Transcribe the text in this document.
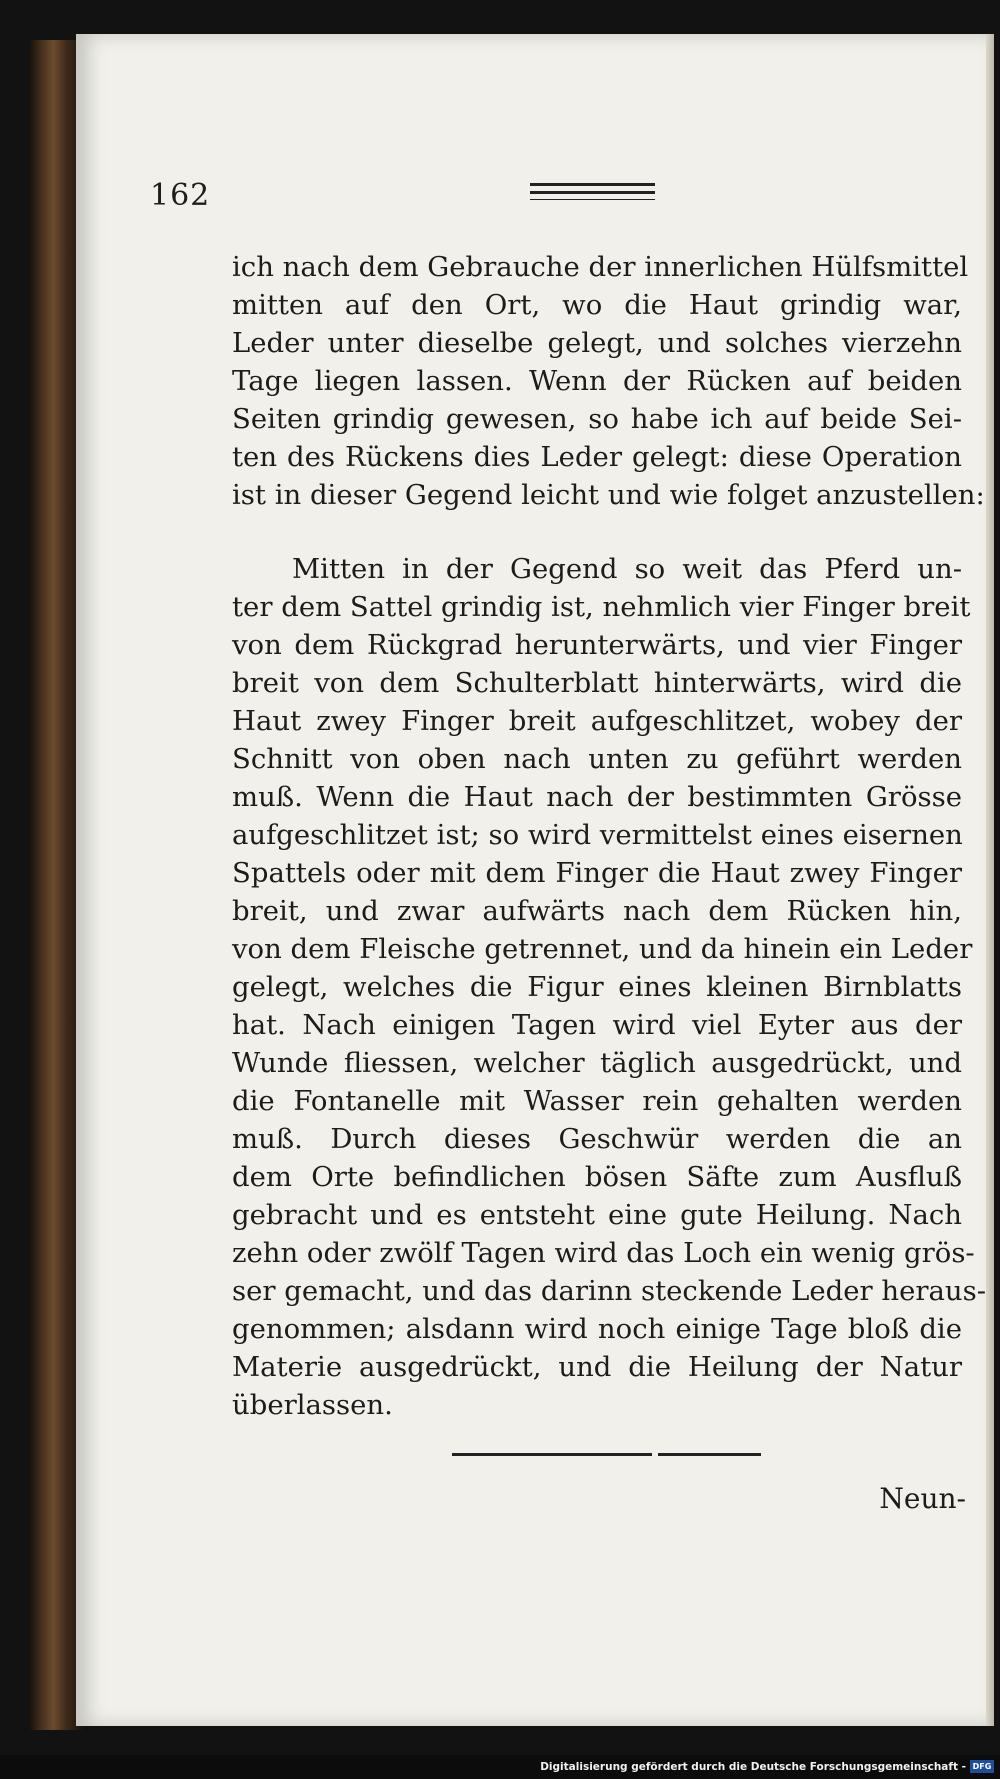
162
ich nach dem Gebrauche der innerlichen Hülfsmittel
mitten auf den Ort, wo die Haut grindig war,
Leder unter dieselbe gelegt, und solches vierzehn
Tage liegen lassen. Wenn der Rücken auf beiden
Seiten grindig gewesen, so habe ich auf beide Sei-
ten des Rückens dies Leder gelegt: diese Operation
ist in dieser Gegend leicht und wie folget anzustellen:
Mitten in der Gegend so weit das Pferd un-
ter dem Sattel grindig ist, nehmlich vier Finger breit
von dem Rückgrad herunterwärts, und vier Finger
breit von dem Schulterblatt hinterwärts, wird die
Haut zwey Finger breit aufgeschlitzet, wobey der
Schnitt von oben nach unten zu geführt werden
muß. Wenn die Haut nach der bestimmten Grösse
aufgeschlitzet ist; so wird vermittelst eines eisernen
Spattels oder mit dem Finger die Haut zwey Finger
breit, und zwar aufwärts nach dem Rücken hin,
von dem Fleische getrennet, und da hinein ein Leder
gelegt, welches die Figur eines kleinen Birnblatts
hat. Nach einigen Tagen wird viel Eyter aus der
Wunde fliessen, welcher täglich ausgedrückt, und
die Fontanelle mit Wasser rein gehalten werden
muß. Durch dieses Geschwür werden die an
dem Orte befindlichen bösen Säfte zum Ausfluß
gebracht und es entsteht eine gute Heilung. Nach
zehn oder zwölf Tagen wird das Loch ein wenig grös-
ser gemacht, und das darinn steckende Leder heraus-
genommen; alsdann wird noch einige Tage bloß die
Materie ausgedrückt, und die Heilung der Natur
überlassen.
Neun-
Digitalisierung gefördert durch die Deutsche Forschungsgemeinschaft - DFG
